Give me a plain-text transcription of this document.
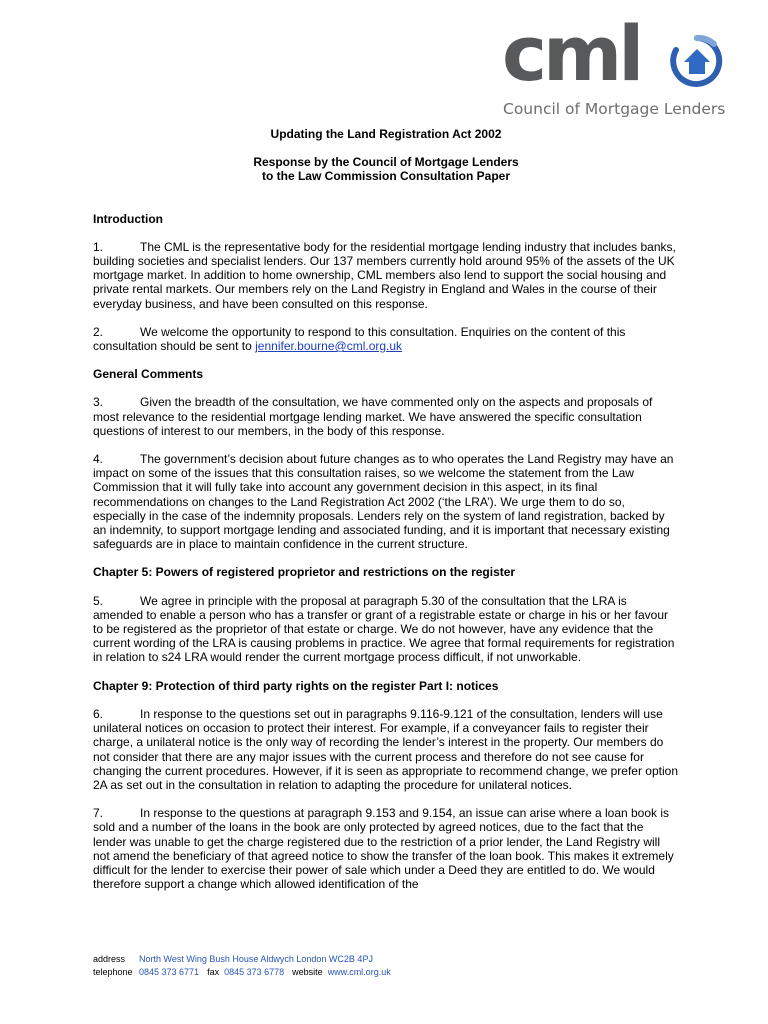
cml
Council of Mortgage Lenders
Updating the Land Registration Act 2002
Response by the Council of Mortgage Lenders
to the Law Commission Consultation Paper
Introduction

1.	The CML is the representative body for the residential mortgage lending industry that includes banks, building societies and specialist lenders. Our 137 members currently hold around 95% of the assets of the UK mortgage market. In addition to home ownership, CML members also lend to support the social housing and private rental markets. Our members rely on the Land Registry in England and Wales in the course of their everyday business, and have been consulted on this response.

2.	We welcome the opportunity to respond to this consultation. Enquiries on the content of this consultation should be sent to jennifer.bourne@cml.org.uk

General Comments

3.	Given the breadth of the consultation, we have commented only on the aspects and proposals of most relevance to the residential mortgage lending market. We have answered the specific consultation questions of interest to our members, in the body of this response.

4.	The government’s decision about future changes as to who operates the Land Registry may have an impact on some of the issues that this consultation raises, so we welcome the statement from the Law Commission that it will fully take into account any government decision in this aspect, in its final recommendations on changes to the Land Registration Act 2002 (‘the LRA’). We urge them to do so, especially in the case of the indemnity proposals. Lenders rely on the system of land registration, backed by an indemnity, to support mortgage lending and associated funding, and it is important that necessary existing safeguards are in place to maintain confidence in the current structure.

Chapter 5: Powers of registered proprietor and restrictions on the register

5.	We agree in principle with the proposal at paragraph 5.30 of the consultation that the LRA is amended to enable a person who has a transfer or grant of a registrable estate or charge in his or her favour to be registered as the proprietor of that estate or charge. We do not however, have any evidence that the current wording of the LRA is causing problems in practice. We agree that formal requirements for registration in relation to s24 LRA would render the current mortgage process difficult, if not unworkable.

Chapter 9: Protection of third party rights on the register Part I: notices

6.	In response to the questions set out in paragraphs 9.116-9.121 of the consultation, lenders will use unilateral notices on occasion to protect their interest. For example, if a conveyancer fails to register their charge, a unilateral notice is the only way of recording the lender’s interest in the property. Our members do not consider that there are any major issues with the current process and therefore do not see cause for changing the current procedures. However, if it is seen as appropriate to recommend change, we prefer option 2A as set out in the consultation in relation to adapting the procedure for unilateral notices.

7.	In response to the questions at paragraph 9.153 and 9.154, an issue can arise where a loan book is sold and a number of the loans in the book are only protected by agreed notices, due to the fact that the lender was unable to get the charge registered due to the restriction of a prior lender, the Land Registry will not amend the beneficiary of that agreed notice to show the transfer of the loan book. This makes it extremely difficult for the lender to exercise their power of sale which under a Deed they are entitled to do. We would therefore support a change which allowed identification of the

address North West Wing Bush House Aldwych London WC2B 4PJ
telephone 0845 373 6771 fax 0845 373 6778 website www.cml.org.uk
